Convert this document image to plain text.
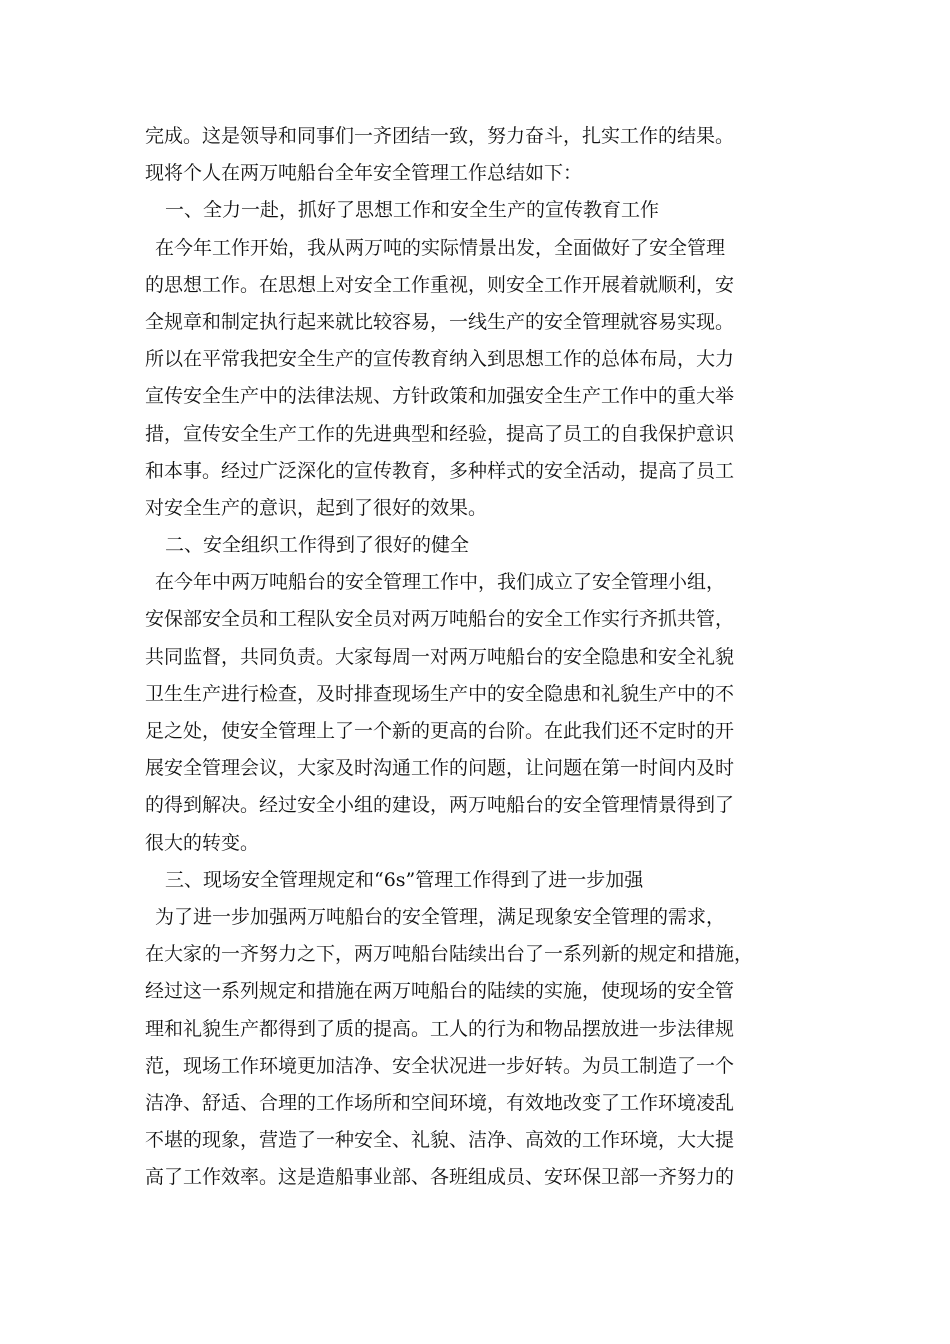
完成。这是领导和同事们一齐团结一致，努力奋斗，扎实工作的结果。
现将个人在两万吨船台全年安全管理工作总结如下：
一、全力一赴，抓好了思想工作和安全生产的宣传教育工作
在今年工作开始，我从两万吨的实际情景出发，全面做好了安全管理
的思想工作。在思想上对安全工作重视，则安全工作开展着就顺利，安
全规章和制定执行起来就比较容易，一线生产的安全管理就容易实现。
所以在平常我把安全生产的宣传教育纳入到思想工作的总体布局，大力
宣传安全生产中的法律法规、方针政策和加强安全生产工作中的重大举
措，宣传安全生产工作的先进典型和经验，提高了员工的自我保护意识
和本事。经过广泛深化的宣传教育，多种样式的安全活动，提高了员工
对安全生产的意识，起到了很好的效果。
二、安全组织工作得到了很好的健全
在今年中两万吨船台的安全管理工作中，我们成立了安全管理小组，
安保部安全员和工程队安全员对两万吨船台的安全工作实行齐抓共管，
共同监督，共同负责。大家每周一对两万吨船台的安全隐患和安全礼貌
卫生生产进行检查，及时排查现场生产中的安全隐患和礼貌生产中的不
足之处，使安全管理上了一个新的更高的台阶。在此我们还不定时的开
展安全管理会议，大家及时沟通工作的问题，让问题在第一时间内及时
的得到解决。经过安全小组的建设，两万吨船台的安全管理情景得到了
很大的转变。
三、现场安全管理规定和“6s”管理工作得到了进一步加强
为了进一步加强两万吨船台的安全管理，满足现象安全管理的需求，
在大家的一齐努力之下，两万吨船台陆续出台了一系列新的规定和措施，
经过这一系列规定和措施在两万吨船台的陆续的实施，使现场的安全管
理和礼貌生产都得到了质的提高。工人的行为和物品摆放进一步法律规
范，现场工作环境更加洁净、安全状况进一步好转。为员工制造了一个
洁净、舒适、合理的工作场所和空间环境，有效地改变了工作环境凌乱
不堪的现象，营造了一种安全、礼貌、洁净、高效的工作环境，大大提
高了工作效率。这是造船事业部、各班组成员、安环保卫部一齐努力的
